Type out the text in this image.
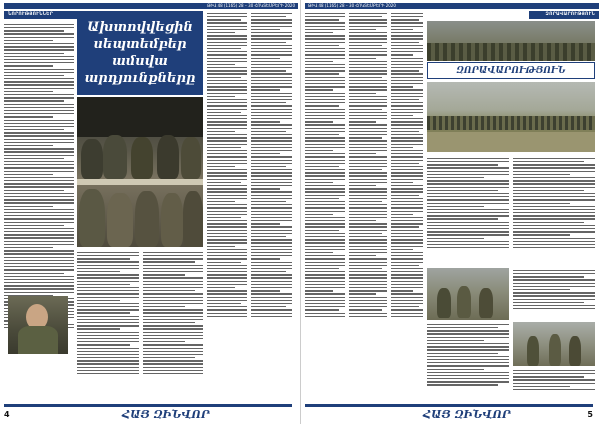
ԹԻՎ 48 (1165) 28 – 30 ՀՈԿՏԵՄԲԵՐԻ 2020
ՆՈՐՈՒԹՅՈՒՆՆԵՐ
Ախտովվեցին սեպտեմբեր ամսվա արդյունքները
4	ՀԱՅ ԶԻՆՎՈՐ
ԹԻՎ 48 (1165) 28 – 30 ՀՈԿՏԵՄԲԵՐԻ 2020
ԶՈՐԱՎԱՐՈՒԹՅՈՒՆ
ԶՈՐԱՎԱՐՈՒԹՅՈՒՆ
ՀԱՅ ԶԻՆՎՈՐ	5
